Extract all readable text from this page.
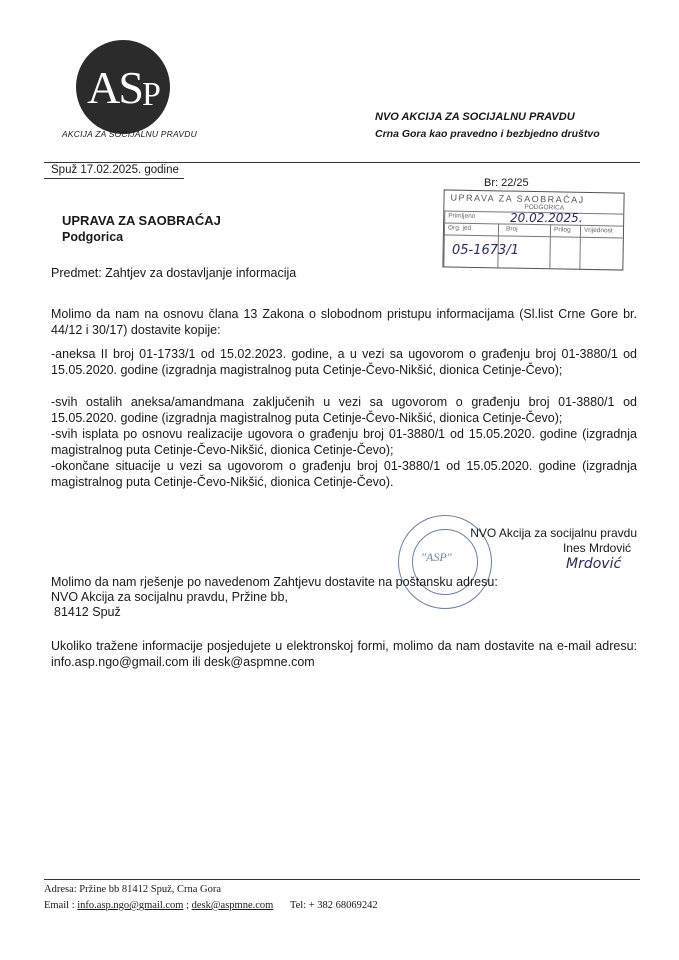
AS P
AKCIJA ZA SOCIJALNU PRAVDU
NVO AKCIJA ZA SOCIJALNU PRAVDU
Crna Gora kao pravedno i bezbjedno društvo
Spuž 17.02.2025. godine
Br: 22/25
UPRAVA ZA SAOBRAĆAJ
Podgorica
UPRAVA ZA SAOBRAĆAJ
PODGORICA
Primljeno
Org. jed.	Broj	Prilog Vrijednost
20.02.2025.
05-1673/1
Predmet: Zahtjev za dostavljanje informacija
Molimo da nam na osnovu člana 13 Zakona o slobodnom pristupu informacijama (Sl.list Crne Gore br. 44/12 i 30/17) dostavite kopije:
-aneksa II broj 01-1733/1 od 15.02.2023. godine, a u vezi sa ugovorom o građenju broj 01-3880/1 od 15.05.2020. godine (izgradnja magistralnog puta Cetinje-Čevo-Nikšić, dionica Cetinje-Čevo);
-svih ostalih aneksa/amandmana zaključenih u vezi sa ugovorom o građenju broj 01-3880/1 od 15.05.2020. godine (izgradnja magistralnog puta Cetinje-Čevo-Nikšić, dionica Cetinje-Čevo);
-svih isplata po osnovu realizacije ugovora o građenju broj 01-3880/1 od 15.05.2020. godine (izgradnja magistralnog puta Cetinje-Čevo-Nikšić, dionica Cetinje-Čevo);
-okončane situacije u vezi sa ugovorom o građenju broj 01-3880/1 od 15.05.2020. godine (izgradnja magistralnog puta Cetinje-Čevo-Nikšić, dionica Cetinje-Čevo).
"ASP"
NVO Akcija za socijalnu pravdu
Ines Mrdović
Mrdović
Molimo da nam rješenje po navedenom Zahtjevu dostavite na poštansku adresu:
NVO Akcija za socijalnu pravdu, Pržine bb,
81412 Spuž
Ukoliko tražene informacije posjedujete u elektronskoj formi, molimo da nam dostavite na e-mail adresu: info.asp.ngo@gmail.com ili desk@aspmne.com
Adresa: Pržine bb 81412 Spuž, Crna Gora
Email : info.asp.ngo@gmail.com ; desk@aspmne.com Tel: + 382 68069242
